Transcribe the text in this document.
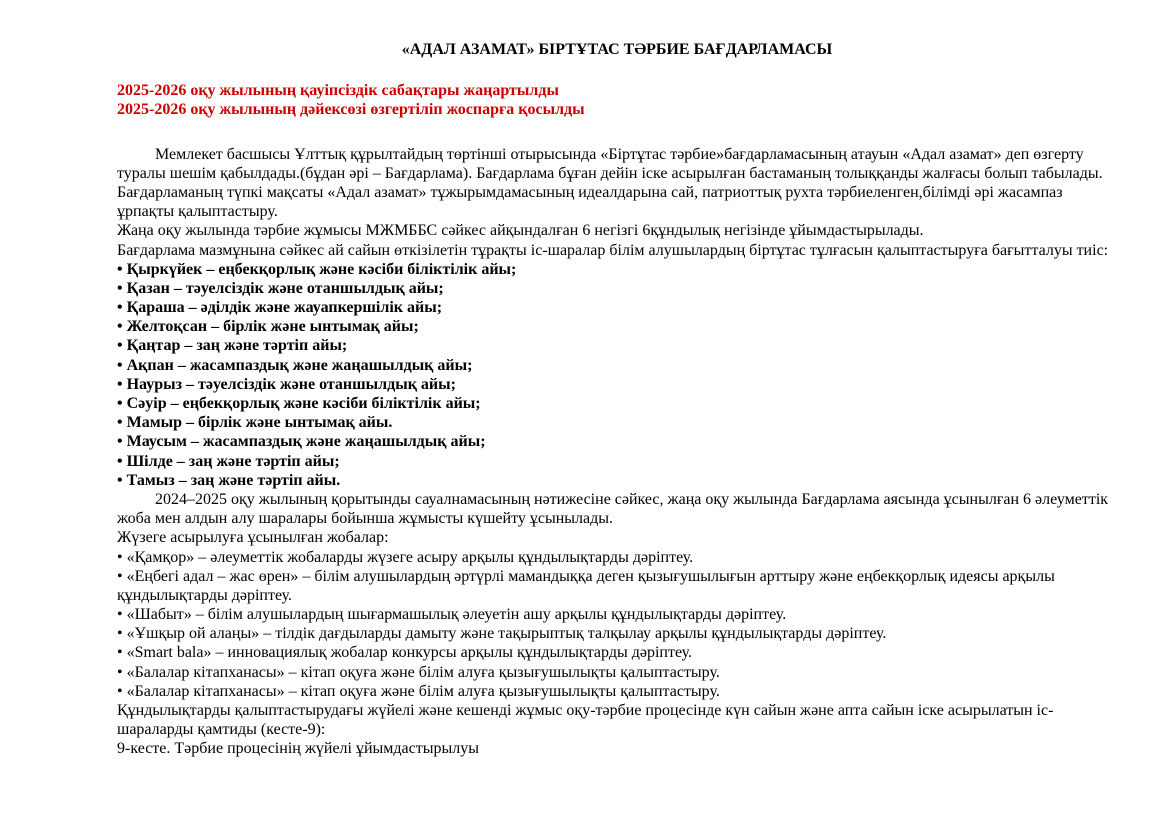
«АДАЛ АЗАМАТ» БІРТҰТАС ТӘРБИЕ БАҒДАРЛАМАСЫ

2025-2026 оқу жылының қауіпсіздік сабақтары жаңартылды

2025-2026 оқу жылының дәйексөзі өзгертіліп жоспарға қосылды

Мемлекет басшысы Ұлттық құрылтайдың төртінші отырысында «Біртұтас тәрбие»бағдарламасының атауын «Адал азамат» деп өзгерту туралы шешім қабылдады.(бұдан әрі – Бағдарлама). Бағдарлама бұған дейін іске асырылған бастаманың толыққанды жалғасы болып табылады. Бағдарламаның түпкі мақсаты «Адал азамат» тұжырымдамасының идеалдарына сай, патриоттық рухта тәрбиеленген,білімді әрі жасампаз ұрпақты қалыптастыру.

Жаңа оқу жылында тәрбие жұмысы МЖМББС сәйкес айқындалған 6 негізгі 6құндылық негізінде ұйымдастырылады.

Бағдарлама мазмұнына сәйкес ай сайын өткізілетін тұрақты іс-шаралар білім алушылардың біртұтас тұлғасын қалыптастыруға бағытталуы тиіс:

• Қыркүйек – еңбекқорлық және кәсіби біліктілік айы;

• Қазан – тәуелсіздік және отаншылдық айы;

• Қараша – әділдік және жауапкершілік айы;

• Желтоқсан – бірлік және ынтымақ айы;

• Қаңтар – заң және тәртіп айы;

• Ақпан – жасампаздық және жаңашылдық айы;

• Наурыз – тәуелсіздік және отаншылдық айы;

• Сәуір – еңбекқорлық және кәсіби біліктілік айы;

• Мамыр – бірлік және ынтымақ айы.

• Маусым – жасампаздық және жаңашылдық айы;

• Шілде – заң және тәртіп айы;

• Тамыз – заң және тәртіп айы.

2024–2025 оқу жылының қорытынды сауалнамасының нәтижесіне сәйкес, жаңа оқу жылында Бағдарлама аясында ұсынылған 6 әлеуметтік жоба мен алдын алу шаралары бойынша жұмысты күшейту ұсынылады.

Жүзеге асырылуға ұсынылған жобалар:

• «Қамқор» – әлеуметтік жобаларды жүзеге асыру арқылы құндылықтарды дәріптеу.

• «Еңбегі адал – жас өрен» – білім алушылардың әртүрлі мамандыққа деген қызығушылығын арттыру және еңбекқорлық идеясы арқылы құндылықтарды дәріптеу.

• «Шабыт» – білім алушылардың шығармашылық әлеуетін ашу арқылы құндылықтарды дәріптеу.

• «Ұшқыр ой алаңы» – тілдік дағдыларды дамыту және тақырыптық талқылау арқылы құндылықтарды дәріптеу.

• «Smart bala» – инновациялық жобалар конкурсы арқылы құндылықтарды дәріптеу.

• «Балалар кітапханасы» – кітап оқуға және білім алуға қызығушылықты қалыптастыру.

• «Балалар кітапханасы» – кітап оқуға және білім алуға қызығушылықты қалыптастыру.

Құндылықтарды қалыптастырудағы жүйелі және кешенді жұмыс оқу-тәрбие процесінде күн сайын және апта сайын іске асырылатын іс-шараларды қамтиды (кесте-9):

9-кесте. Тәрбие процесінің жүйелі ұйымдастырылуы
